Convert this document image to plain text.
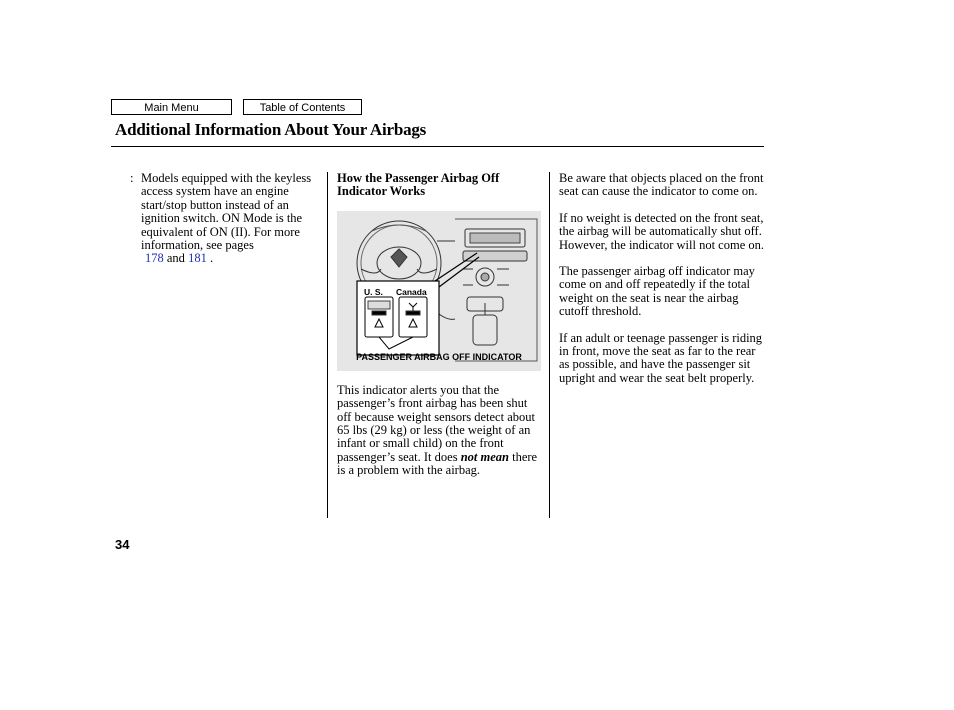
Main Menu	Table of Contents
Additional Information About Your Airbags
: Models equipped with the keyless access system have an engine start/stop button instead of an ignition switch. ON Mode is the equivalent of ON (II). For more information, see pages
178 and 181 .

How the Passenger Airbag Off Indicator Works

U. S. Canada
PASSENGER AIRBAG OFF INDICATOR

This indicator alerts you that the passenger’s front airbag has been shut off because weight sensors detect about 65 lbs (29 kg) or less (the weight of an infant or small child) on the front passenger’s seat. It does not mean there is a problem with the airbag.

Be aware that objects placed on the front seat can cause the indicator to come on.

If no weight is detected on the front seat, the airbag will be automatically shut off. However, the indicator will not come on.

The passenger airbag off indicator may come on and off repeatedly if the total weight on the seat is near the airbag cutoff threshold.

If an adult or teenage passenger is riding in front, move the seat as far to the rear as possible, and have the passenger sit upright and wear the seat belt properly.

34
